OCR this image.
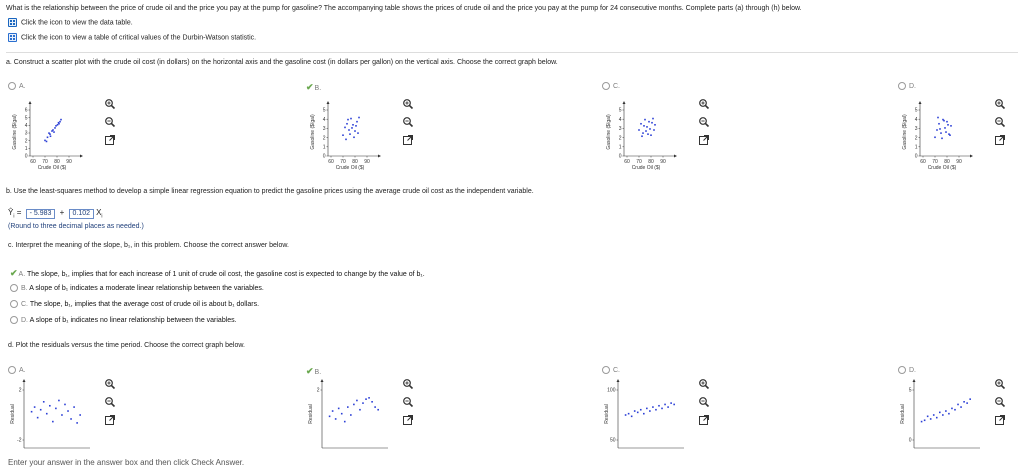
What is the relationship between the price of crude oil and the price you pay at the pump for gasoline? The accompanying table shows the prices of crude oil and the price you pay at the pump for 24 consecutive months. Complete parts (a) through (h) below.
Click the icon to view the data table.
Click the icon to view a table of critical values of the Durbin-Watson statistic.
a. Construct a scatter plot with the crude oil cost (in dollars) on the horizontal axis and the gasoline cost (in dollars per gallon) on the vertical axis. Choose the correct graph below.
A.
Gasoline ($/gal)
0
1
2
3
4
5
6
60 70 80 90
Crude Oil ($)
✔B.
Gasoline ($/gal)
0
1
2
3
4
5
60 70 80 90
Crude Oil ($)
C.
Gasoline ($/gal)
0
1
2
3
4
5
60 70 80 90
Crude Oil ($)
D.
Gasoline ($/gal)
0
1
2
3
4
5
60 70 80 90
Crude Oil ($)
b. Use the least-squares method to develop a simple linear regression equation to predict the gasoline prices using the average crude oil cost as the independent variable.
$Ŷ_i$ = - 5.983 + 0.102 $X_i$
(Round to three decimal places as needed.)
c. Interpret the meaning of the slope, b₁, in this problem. Choose the correct answer below.
✔A. The slope, b₁, implies that for each increase of 1 unit of crude oil cost, the gasoline cost is expected to change by the value of b₁.
B. A slope of b₁ indicates a moderate linear relationship between the variables.
C. The slope, b₁, implies that the average cost of crude oil is about b₁ dollars.
D. A slope of b₁ indicates no linear relationship between the variables.
d. Plot the residuals versus the time period. Choose the correct graph below.
A.
Residual
2
-2
✔B.
Residual
2
C.
Residual
100
50
D.
Residual
5
0
Enter your answer in the answer box and then click Check Answer.
